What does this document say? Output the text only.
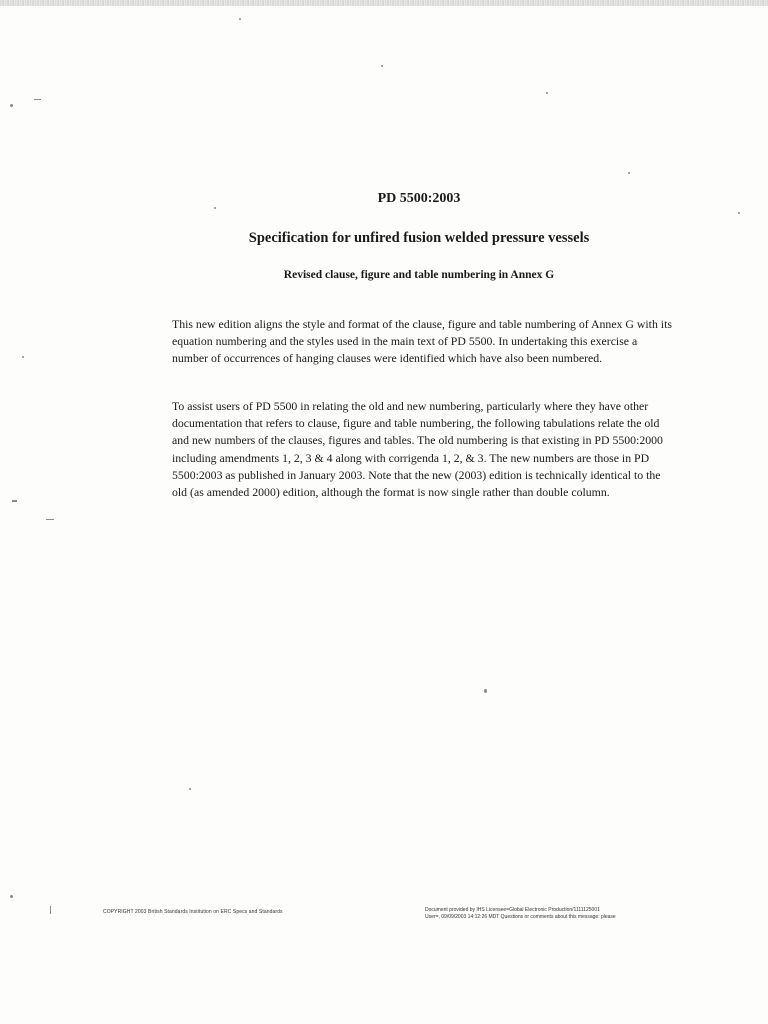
PD 5500:2003
Specification for unfired fusion welded pressure vessels
Revised clause, figure and table numbering in Annex G

This new edition aligns the style and format of the clause, figure and table numbering of Annex G with its equation numbering and the styles used in the main text of PD 5500. In undertaking this exercise a number of occurrences of hanging clauses were identified which have also been numbered.

To assist users of PD 5500 in relating the old and new numbering, particularly where they have other documentation that refers to clause, figure and table numbering, the following tabulations relate the old and new numbers of the clauses, figures and tables. The old numbering is that existing in PD 5500:2000 including amendments 1, 2, 3 & 4 along with corrigenda 1, 2, & 3. The new numbers are those in PD 5500:2003 as published in January 2003. Note that the new (2003) edition is technically identical to the old (as amended 2000) edition, although the format is now single rather than double column.

COPYRIGHT 2003 British Standards Institution on ERC Specs and Standards	Document provided by IHS Licensee=Global Electronic Production/1111125001
User=, 09/09/2003 14:12:26 MDT Questions or comments about this message: please
